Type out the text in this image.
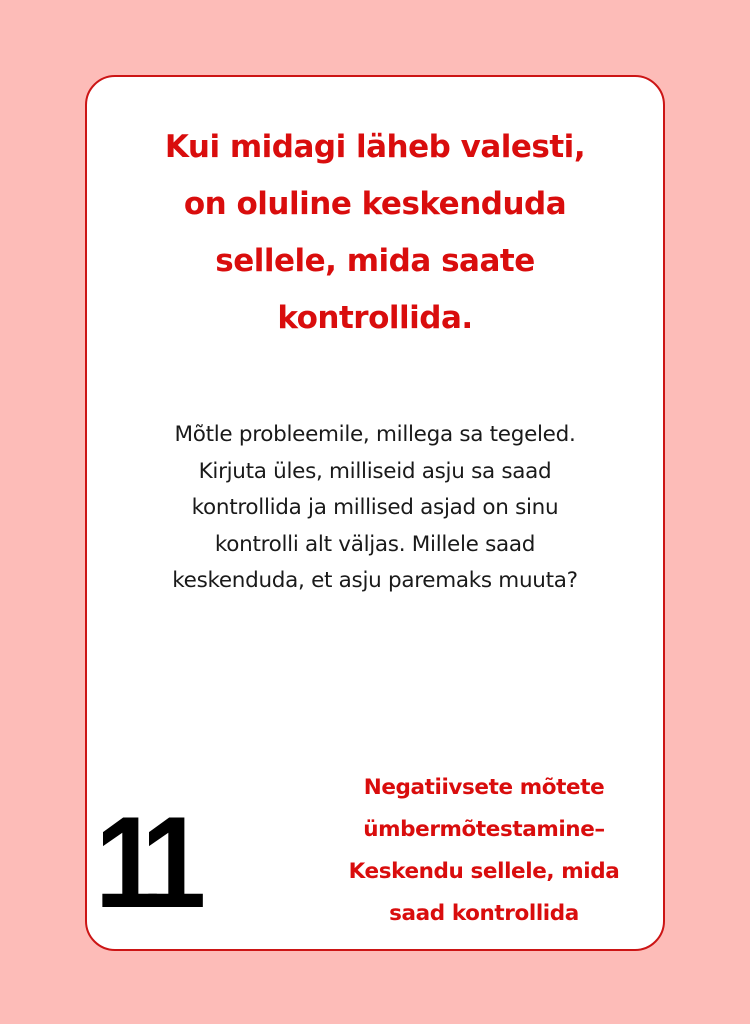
Kui midagi läheb valesti,
on oluline keskenduda
sellele, mida saate
kontrollida.
Mõtle probleemile, millega sa tegeled.
Kirjuta üles, milliseid asju sa saad
kontrollida ja millised asjad on sinu
kontrolli alt väljas. Millele saad
keskenduda, et asju paremaks muuta?
11
Negatiivsete mõtete
ümbermõtestamine–
Keskendu sellele, mida
saad kontrollida
